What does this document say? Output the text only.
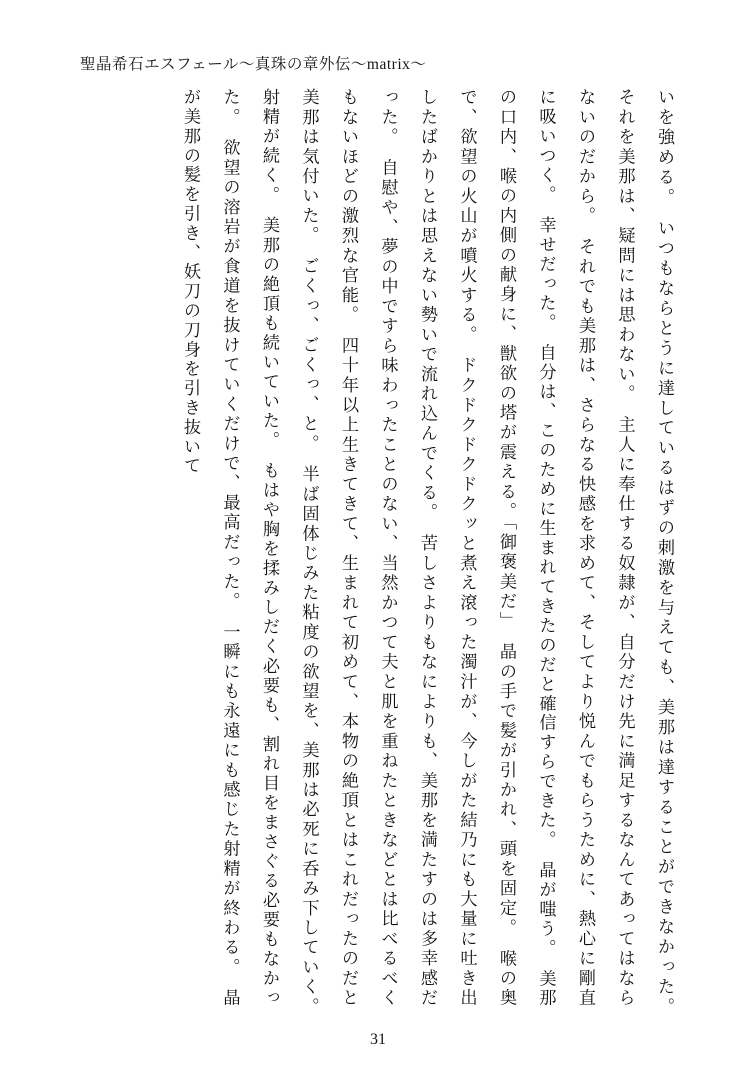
聖晶希石エスフェール～真珠の章外伝～matrix～

いを強める。　いつもならとうに達しているはずの刺激を与えても、美那は達することができなかった。　それを美那は、疑問には思わない。　主人に奉仕する奴隷が、自分だけ先に満足するなんてあってはならないのだから。　それでも美那は、さらなる快感を求めて、そしてより悦んでもらうために、熱心に剛直に吸いつく。　幸せだった。　自分は、このために生まれてきたのだと確信すらできた。　晶が嗤う。　美那の口内、喉の内側の献身に、獣欲の塔が震える。「御褒美だ」　晶の手で髪が引かれ、頭を固定。　喉の奥で、欲望の火山が噴火する。　ドクドクドクドクッと煮え滾った濁汁が、今しがた結乃にも大量に吐き出したばかりとは思えない勢いで流れ込んでくる。　苦しさよりもなによりも、美那を満たすのは多幸感だった。　自慰や、夢の中ですら味わったことのない、当然かつて夫と肌を重ねたときなどとは比べるべくもないほどの激烈な官能。　四十年以上生きてきて、生まれて初めて、本物の絶頂とはこれだったのだと美那は気付いた。　ごくっ、ごくっ、と。　半ば固体じみた粘度の欲望を、美那は必死に呑み下していく。　射精が続く。　美那の絶頂も続いていた。　もはや胸を揉みしだく必要も、割れ目をまさぐる必要もなかった。　欲望の溶岩が食道を抜けていくだけで、最高だった。　一瞬にも永遠にも感じた射精が終わる。　晶が美那の髪を引き、妖刀の刀身を引き抜いて

31
